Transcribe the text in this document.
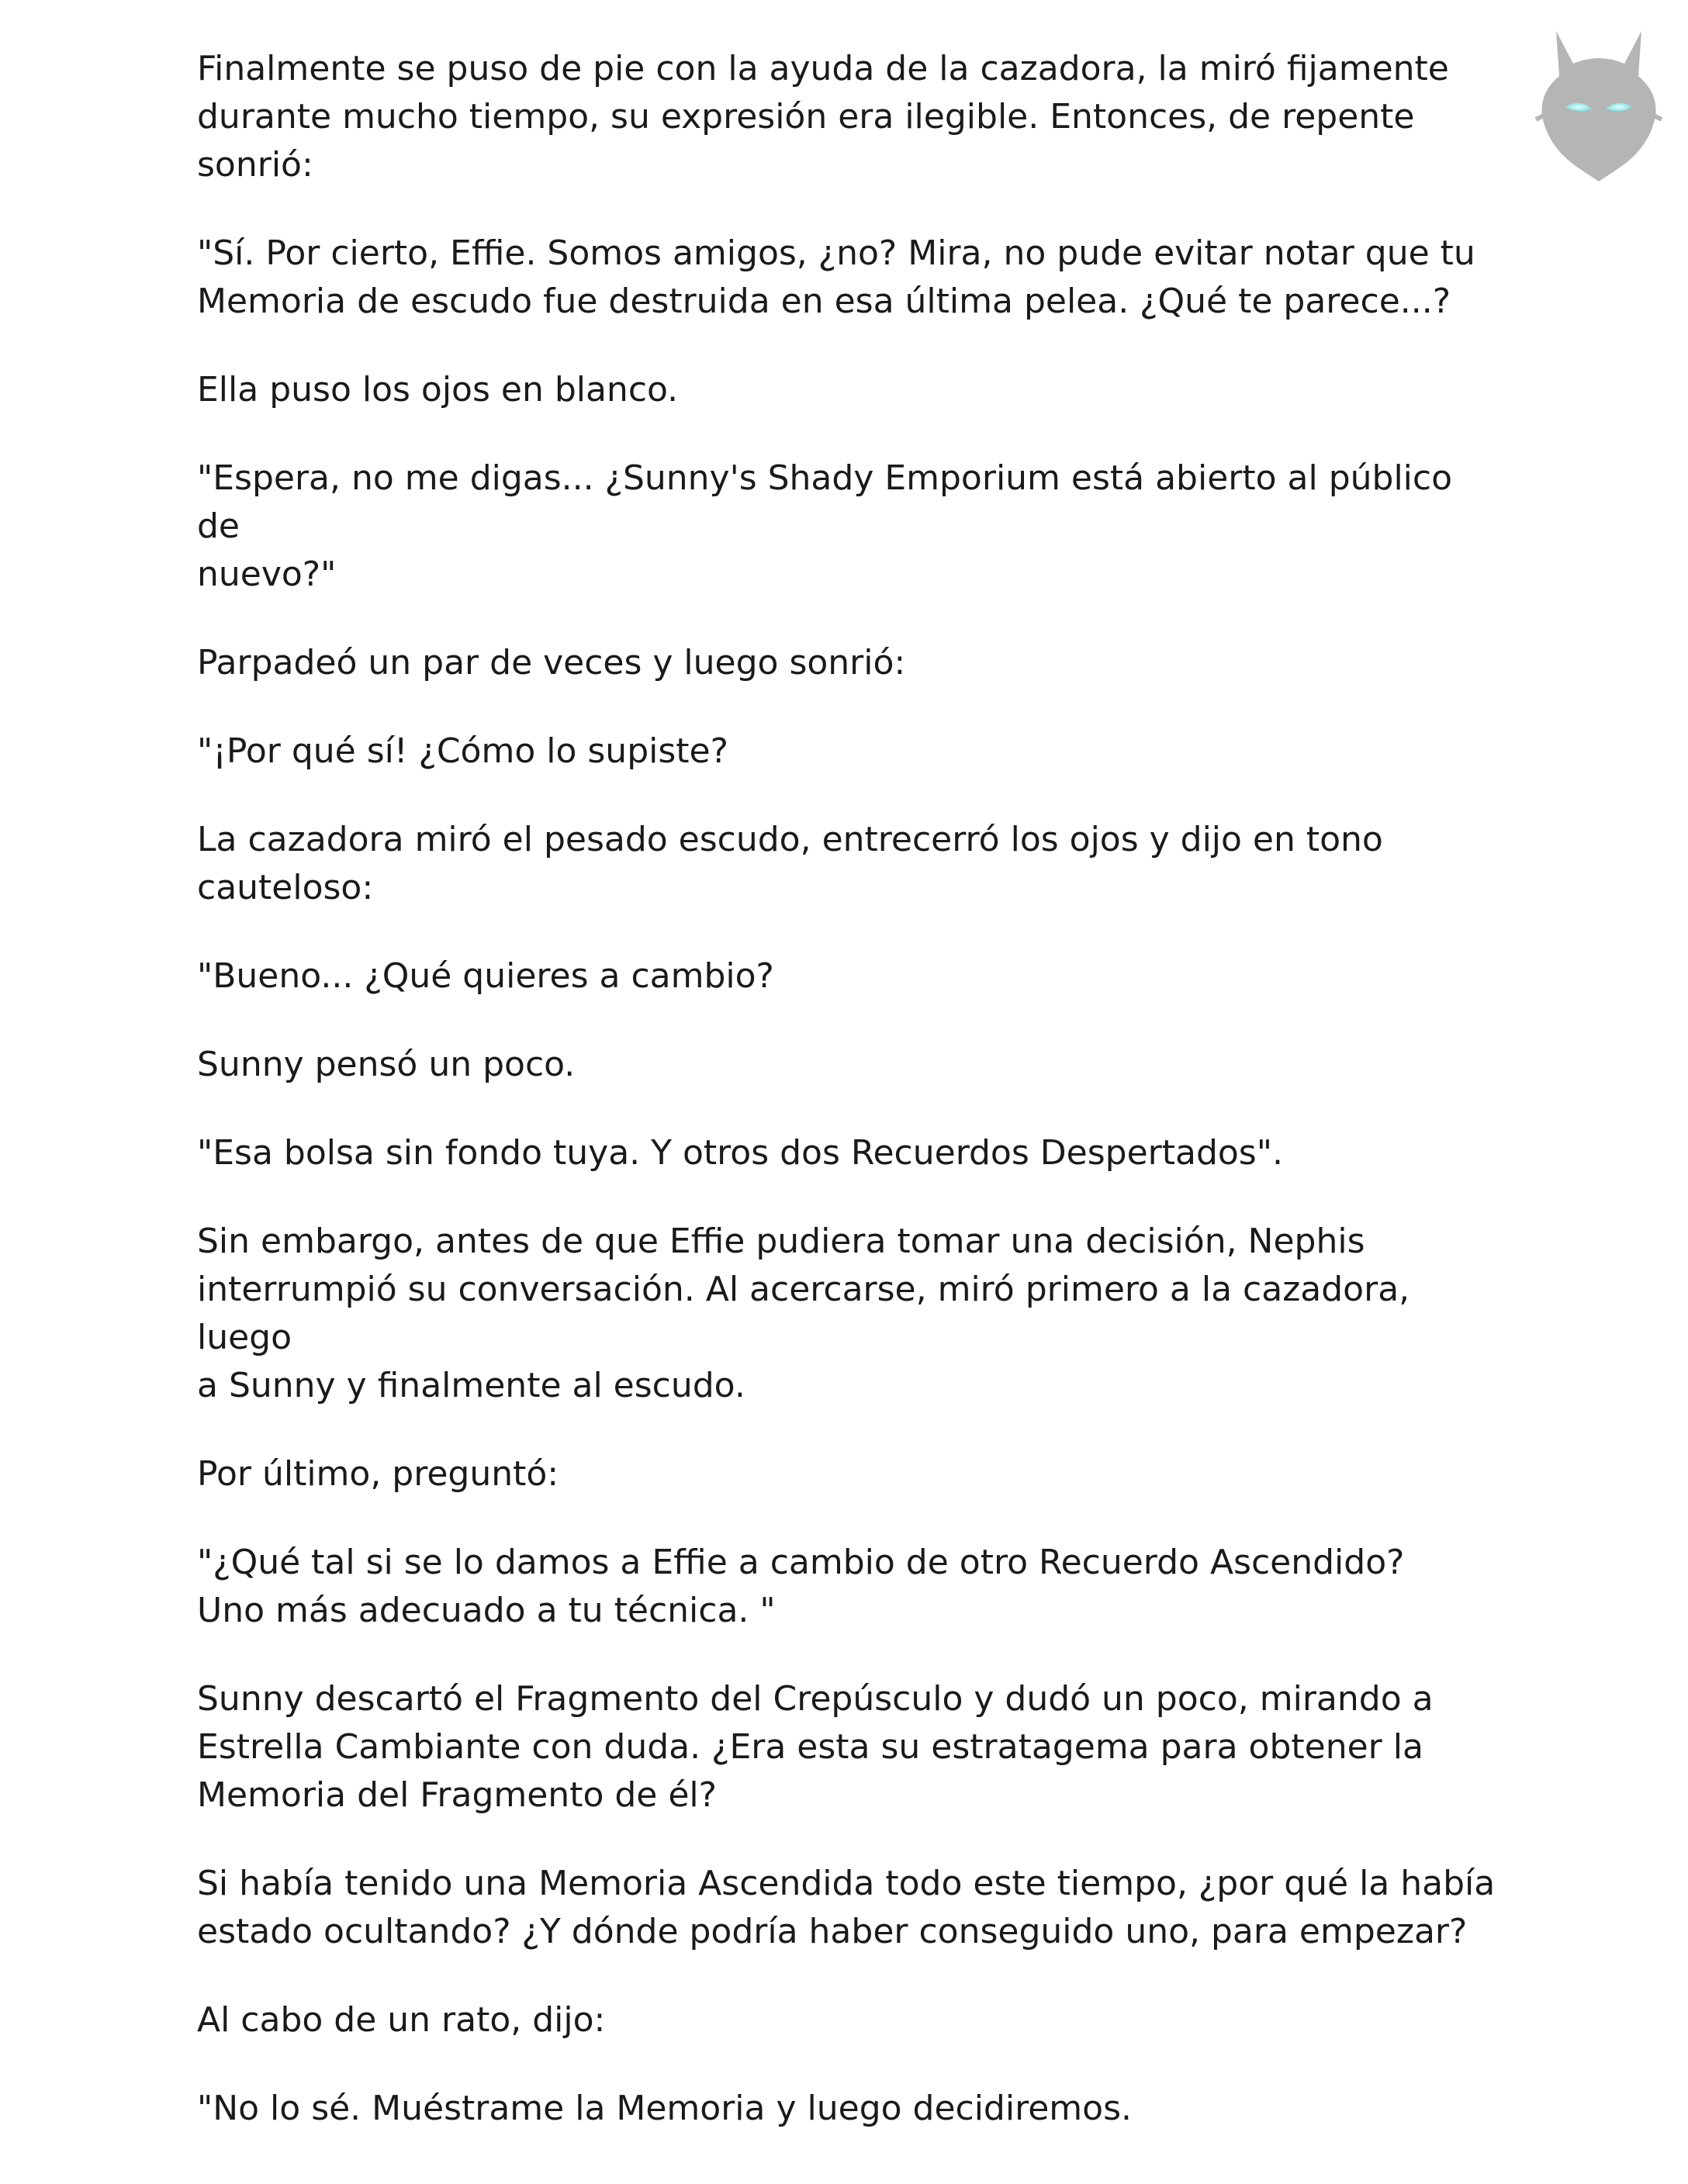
Finalmente se puso de pie con la ayuda de la cazadora, la miró fijamente
durante mucho tiempo, su expresión era ilegible. Entonces, de repente
sonrió:

"Sí. Por cierto, Effie. Somos amigos, ¿no? Mira, no pude evitar notar que tu
Memoria de escudo fue destruida en esa última pelea. ¿Qué te parece...?

Ella puso los ojos en blanco.

"Espera, no me digas... ¿Sunny's Shady Emporium está abierto al público de
nuevo?"

Parpadeó un par de veces y luego sonrió:

"¡Por qué sí! ¿Cómo lo supiste?

La cazadora miró el pesado escudo, entrecerró los ojos y dijo en tono
cauteloso:

"Bueno... ¿Qué quieres a cambio?

Sunny pensó un poco.

"Esa bolsa sin fondo tuya. Y otros dos Recuerdos Despertados".

Sin embargo, antes de que Effie pudiera tomar una decisión, Nephis
interrumpió su conversación. Al acercarse, miró primero a la cazadora, luego
a Sunny y finalmente al escudo.

Por último, preguntó:

"¿Qué tal si se lo damos a Effie a cambio de otro Recuerdo Ascendido?
Uno más adecuado a tu técnica. "

Sunny descartó el Fragmento del Crepúsculo y dudó un poco, mirando a
Estrella Cambiante con duda. ¿Era esta su estratagema para obtener la
Memoria del Fragmento de él?

Si había tenido una Memoria Ascendida todo este tiempo, ¿por qué la había
estado ocultando? ¿Y dónde podría haber conseguido uno, para empezar?

Al cabo de un rato, dijo:

"No lo sé. Muéstrame la Memoria y luego decidiremos.
